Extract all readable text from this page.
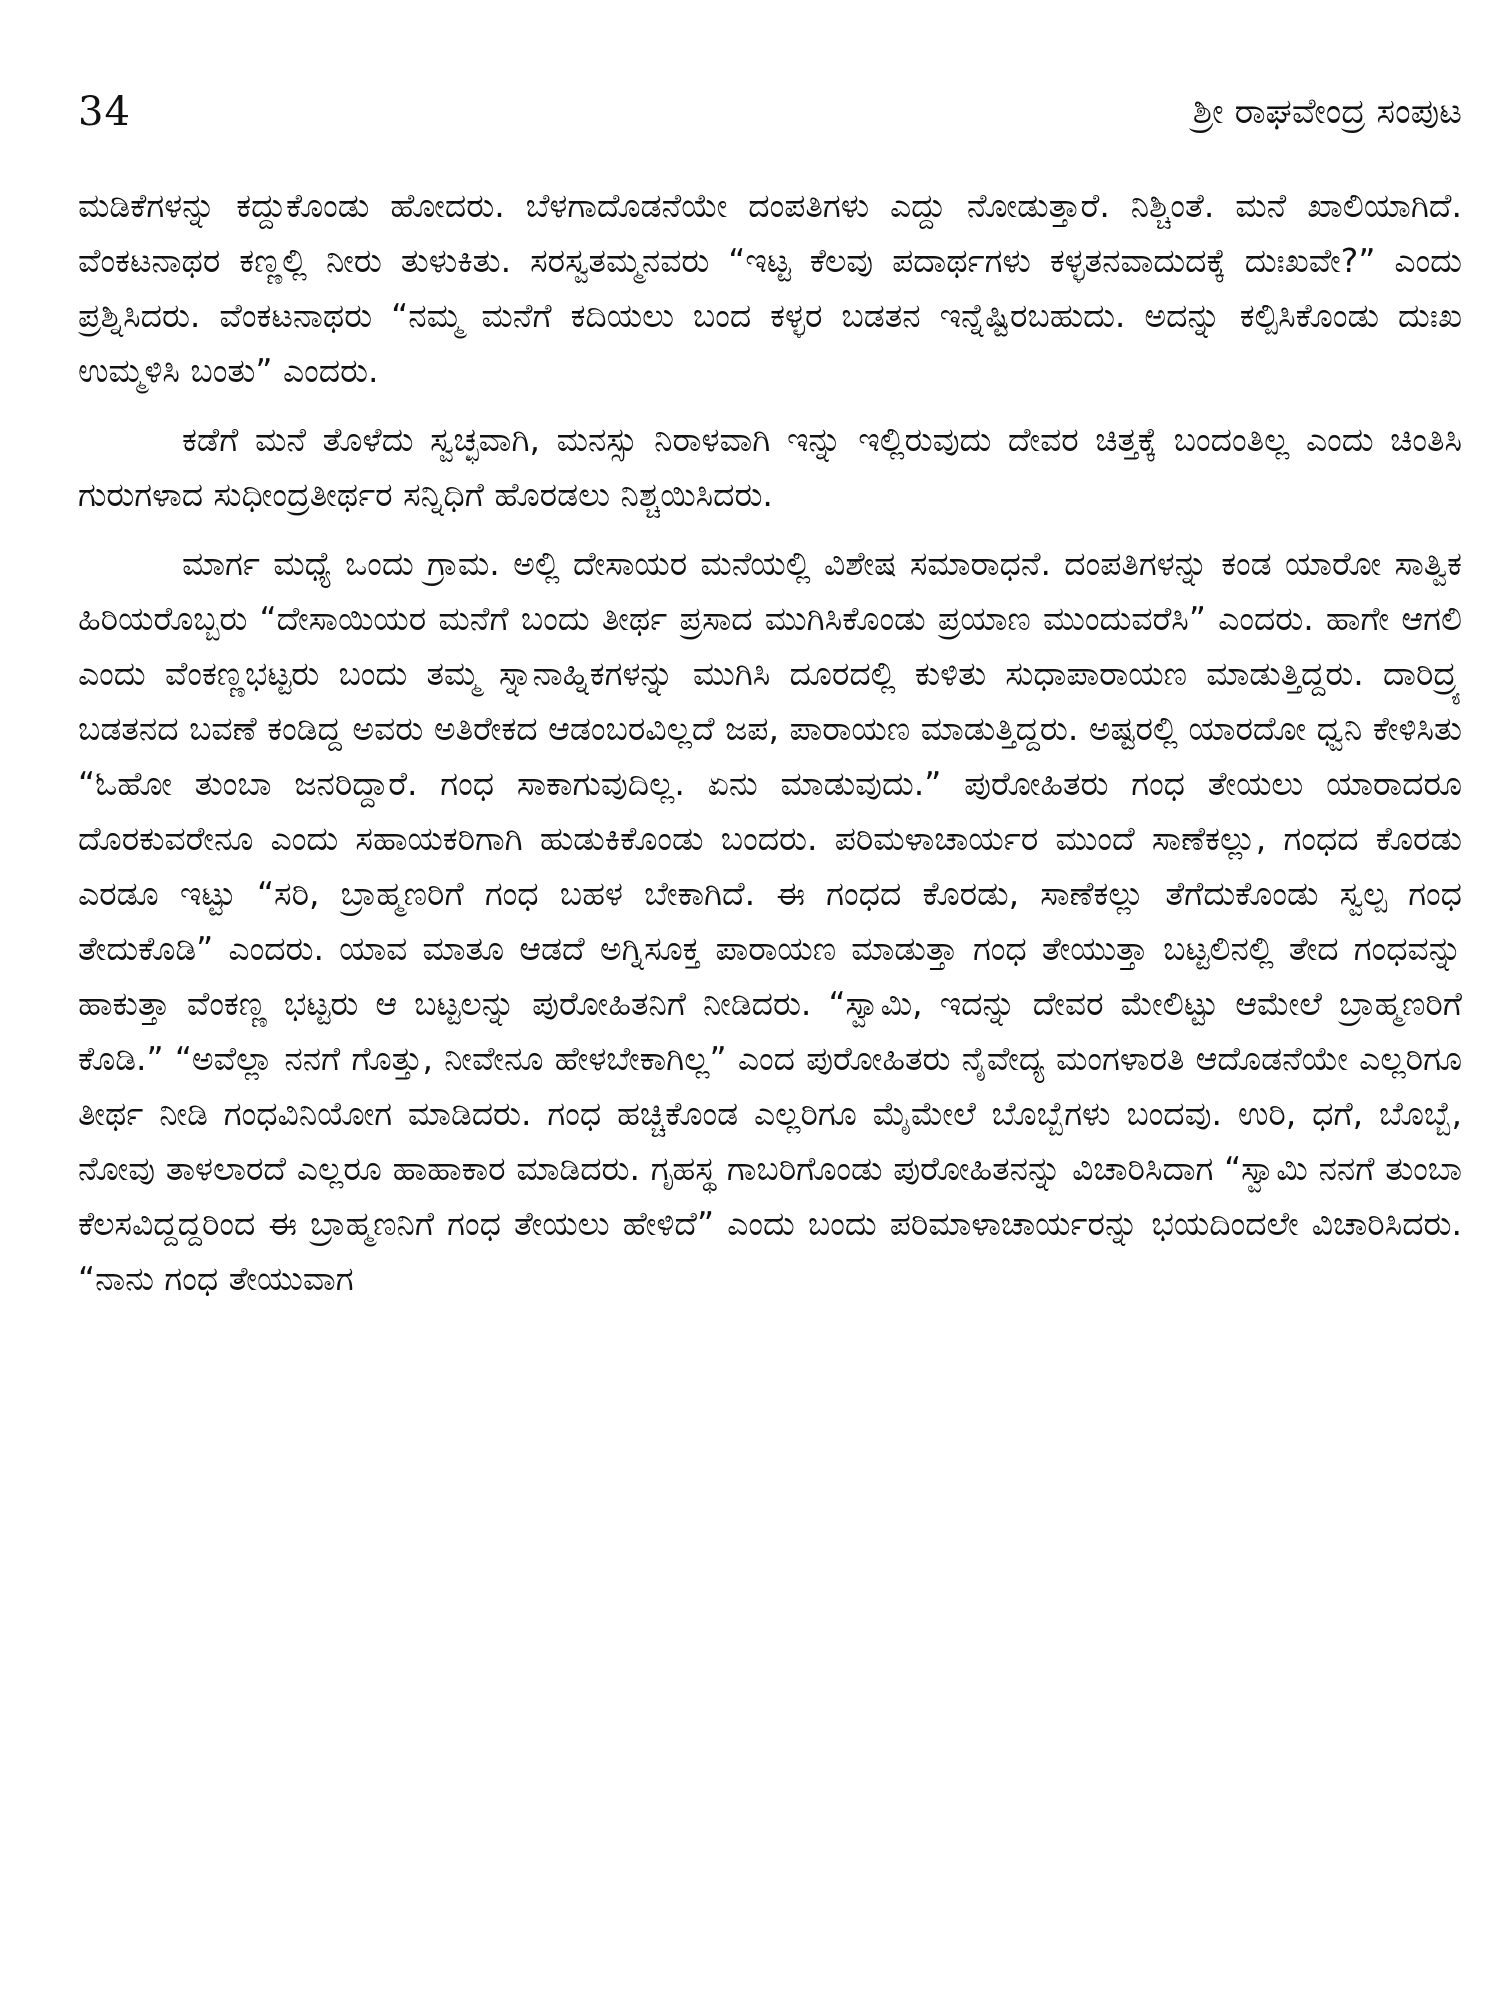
34	ಶ್ರೀ ರಾಘವೇಂದ್ರ ಸಂಪುಟ

ಮಡಿಕೆಗಳನ್ನು ಕದ್ದುಕೊಂಡು ಹೋದರು. ಬೆಳಗಾದೊಡನೆಯೇ ದಂಪತಿಗಳು ಎದ್ದು ನೋಡುತ್ತಾರೆ. ನಿಶ್ಚಿಂತೆ. ಮನೆ ಖಾಲಿಯಾಗಿದೆ. ವೆಂಕಟನಾಥರ ಕಣ್ಣಲ್ಲಿ ನೀರು ತುಳುಕಿತು. ಸರಸ್ವತಮ್ಮನವರು “ಇಟ್ಟ ಕೆಲವು ಪದಾರ್ಥಗಳು ಕಳ್ಳತನವಾದುದಕ್ಕೆ ದುಃಖವೇ?” ಎಂದು ಪ್ರಶ್ನಿಸಿದರು. ವೆಂಕಟನಾಥರು “ನಮ್ಮ ಮನೆಗೆ ಕದಿಯಲು ಬಂದ ಕಳ್ಳರ ಬಡತನ ಇನ್ನೆಷ್ಟಿರಬಹುದು. ಅದನ್ನು ಕಲ್ಪಿಸಿಕೊಂಡು ದುಃಖ ಉಮ್ಮಳಿಸಿ ಬಂತು” ಎಂದರು.

ಕಡೆಗೆ ಮನೆ ತೊಳೆದು ಸ್ವಚ್ಛವಾಗಿ, ಮನಸ್ಸು ನಿರಾಳವಾಗಿ ಇನ್ನು ಇಲ್ಲಿರುವುದು ದೇವರ ಚಿತ್ತಕ್ಕೆ ಬಂದಂತಿಲ್ಲ ಎಂದು ಚಿಂತಿಸಿ ಗುರುಗಳಾದ ಸುಧೀಂದ್ರತೀರ್ಥರ ಸನ್ನಿಧಿಗೆ ಹೊರಡಲು ನಿಶ್ಚಯಿಸಿದರು.

ಮಾರ್ಗ ಮಧ್ಯೆ ಒಂದು ಗ್ರಾಮ. ಅಲ್ಲಿ ದೇಸಾಯರ ಮನೆಯಲ್ಲಿ ವಿಶೇಷ ಸಮಾರಾಧನೆ. ದಂಪತಿಗಳನ್ನು ಕಂಡ ಯಾರೋ ಸಾತ್ವಿಕ ಹಿರಿಯರೊಬ್ಬರು “ದೇಸಾಯಿಯರ ಮನೆಗೆ ಬಂದು ತೀರ್ಥ ಪ್ರಸಾದ ಮುಗಿಸಿಕೊಂಡು ಪ್ರಯಾಣ ಮುಂದುವರೆಸಿ” ಎಂದರು. ಹಾಗೇ ಆಗಲಿ ಎಂದು ವೆಂಕಣ್ಣಭಟ್ಟರು ಬಂದು ತಮ್ಮ ಸ್ನಾನಾಹ್ನಿಕಗಳನ್ನು ಮುಗಿಸಿ ದೂರದಲ್ಲಿ ಕುಳಿತು ಸುಧಾಪಾರಾಯಣ ಮಾಡುತ್ತಿದ್ದರು. ದಾರಿದ್ರ್ಯ ಬಡತನದ ಬವಣೆ ಕಂಡಿದ್ದ ಅವರು ಅತಿರೇಕದ ಆಡಂಬರವಿಲ್ಲದೆ ಜಪ, ಪಾರಾಯಣ ಮಾಡುತ್ತಿದ್ದರು. ಅಷ್ಟರಲ್ಲಿ ಯಾರದೋ ಧ್ವನಿ ಕೇಳಿಸಿತು “ಓಹೋ ತುಂಬಾ ಜನರಿದ್ದಾರೆ. ಗಂಧ ಸಾಕಾಗುವುದಿಲ್ಲ. ಏನು ಮಾಡುವುದು.” ಪುರೋಹಿತರು ಗಂಧ ತೇಯಲು ಯಾರಾದರೂ ದೊರಕುವರೇನೂ ಎಂದು ಸಹಾಯಕರಿಗಾಗಿ ಹುಡುಕಿಕೊಂಡು ಬಂದರು. ಪರಿಮಳಾಚಾರ್ಯರ ಮುಂದೆ ಸಾಣೆಕಲ್ಲು, ಗಂಧದ ಕೊರಡು ಎರಡೂ ಇಟ್ಟು “ಸರಿ, ಬ್ರಾಹ್ಮಣರಿಗೆ ಗಂಧ ಬಹಳ ಬೇಕಾಗಿದೆ. ಈ ಗಂಧದ ಕೊರಡು, ಸಾಣೆಕಲ್ಲು ತೆಗೆದುಕೊಂಡು ಸ್ವಲ್ಪ ಗಂಧ ತೇದುಕೊಡಿ” ಎಂದರು. ಯಾವ ಮಾತೂ ಆಡದೆ ಅಗ್ನಿಸೂಕ್ತ ಪಾರಾಯಣ ಮಾಡುತ್ತಾ ಗಂಧ ತೇಯುತ್ತಾ ಬಟ್ಟಲಿನಲ್ಲಿ ತೇದ ಗಂಧವನ್ನು ಹಾಕುತ್ತಾ ವೆಂಕಣ್ಣ ಭಟ್ಟರು ಆ ಬಟ್ಟಲನ್ನು ಪುರೋಹಿತನಿಗೆ ನೀಡಿದರು. “ಸ್ವಾಮಿ, ಇದನ್ನು ದೇವರ ಮೇಲಿಟ್ಟು ಆಮೇಲೆ ಬ್ರಾಹ್ಮಣರಿಗೆ ಕೊಡಿ.” “ಅವೆಲ್ಲಾ ನನಗೆ ಗೊತ್ತು, ನೀವೇನೂ ಹೇಳಬೇಕಾಗಿಲ್ಲ” ಎಂದ ಪುರೋಹಿತರು ನೈವೇದ್ಯ ಮಂಗಳಾರತಿ ಆದೊಡನೆಯೇ ಎಲ್ಲರಿಗೂ ತೀರ್ಥ ನೀಡಿ ಗಂಧವಿನಿಯೋಗ ಮಾಡಿದರು. ಗಂಧ ಹಚ್ಚಿಕೊಂಡ ಎಲ್ಲರಿಗೂ ಮೈಮೇಲೆ ಬೊಬ್ಬೆಗಳು ಬಂದವು. ಉರಿ, ಧಗೆ, ಬೊಬ್ಬೆ, ನೋವು ತಾಳಲಾರದೆ ಎಲ್ಲರೂ ಹಾಹಾಕಾರ ಮಾಡಿದರು. ಗೃಹಸ್ಥ ಗಾಬರಿಗೊಂಡು ಪುರೋಹಿತನನ್ನು ವಿಚಾರಿಸಿದಾಗ “ಸ್ವಾಮಿ ನನಗೆ ತುಂಬಾ ಕೆಲಸವಿದ್ದದ್ದರಿಂದ ಈ ಬ್ರಾಹ್ಮಣನಿಗೆ ಗಂಧ ತೇಯಲು ಹೇಳಿದೆ” ಎಂದು ಬಂದು ಪರಿಮಾಳಾಚಾರ್ಯರನ್ನು ಭಯದಿಂದಲೇ ವಿಚಾರಿಸಿದರು. “ನಾನು ಗಂಧ ತೇಯುವಾಗ
